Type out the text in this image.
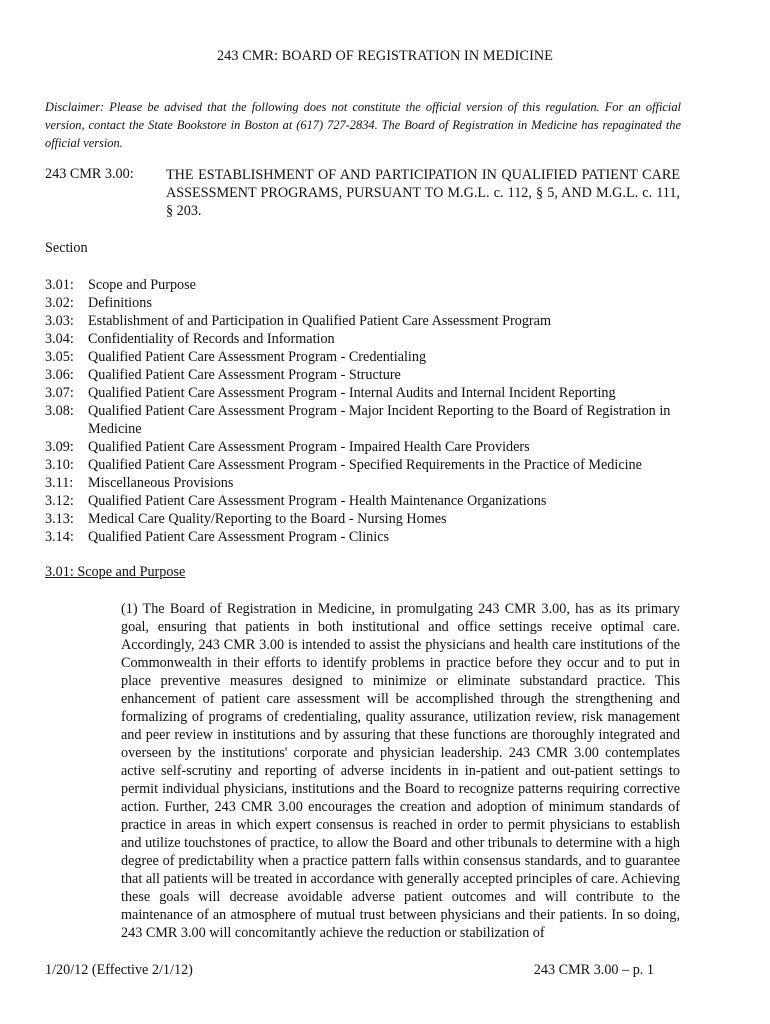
243 CMR: BOARD OF REGISTRATION IN MEDICINE
Disclaimer: Please be advised that the following does not constitute the official version of this regulation. For an official version, contact the State Bookstore in Boston at (617) 727-2834. The Board of Registration in Medicine has repaginated the official version.
243 CMR 3.00:	THE ESTABLISHMENT OF AND PARTICIPATION IN QUALIFIED PATIENT CARE ASSESSMENT PROGRAMS, PURSUANT TO M.G.L. c. 112, § 5, AND M.G.L. c. 111, § 203.
Section
3.01:	Scope and Purpose
3.02:	Definitions
3.03:	Establishment of and Participation in Qualified Patient Care Assessment Program
3.04:	Confidentiality of Records and Information
3.05:	Qualified Patient Care Assessment Program - Credentialing
3.06:	Qualified Patient Care Assessment Program - Structure
3.07:	Qualified Patient Care Assessment Program - Internal Audits and Internal Incident Reporting
3.08:	Qualified Patient Care Assessment Program - Major Incident Reporting to the Board of Registration in Medicine
3.09:	Qualified Patient Care Assessment Program - Impaired Health Care Providers
3.10:	Qualified Patient Care Assessment Program - Specified Requirements in the Practice of Medicine
3.11:	Miscellaneous Provisions
3.12:	Qualified Patient Care Assessment Program - Health Maintenance Organizations
3.13:	Medical Care Quality/Reporting to the Board - Nursing Homes
3.14:	Qualified Patient Care Assessment Program - Clinics
3.01: Scope and Purpose

(1) The Board of Registration in Medicine, in promulgating 243 CMR 3.00, has as its primary goal, ensuring that patients in both institutional and office settings receive optimal care. Accordingly, 243 CMR 3.00 is intended to assist the physicians and health care institutions of the Commonwealth in their efforts to identify problems in practice before they occur and to put in place preventive measures designed to minimize or eliminate substandard practice. This enhancement of patient care assessment will be accomplished through the strengthening and formalizing of programs of credentialing, quality assurance, utilization review, risk management and peer review in institutions and by assuring that these functions are thoroughly integrated and overseen by the institutions' corporate and physician leadership. 243 CMR 3.00 contemplates active self-scrutiny and reporting of adverse incidents in in-patient and out-patient settings to permit individual physicians, institutions and the Board to recognize patterns requiring corrective action. Further, 243 CMR 3.00 encourages the creation and adoption of minimum standards of practice in areas in which expert consensus is reached in order to permit physicians to establish and utilize touchstones of practice, to allow the Board and other tribunals to determine with a high degree of predictability when a practice pattern falls within consensus standards, and to guarantee that all patients will be treated in accordance with generally accepted principles of care. Achieving these goals will decrease avoidable adverse patient outcomes and will contribute to the maintenance of an atmosphere of mutual trust between physicians and their patients. In so doing, 243 CMR 3.00 will concomitantly achieve the reduction or stabilization of

1/20/12 (Effective 2/1/12)	243 CMR 3.00 – p. 1
